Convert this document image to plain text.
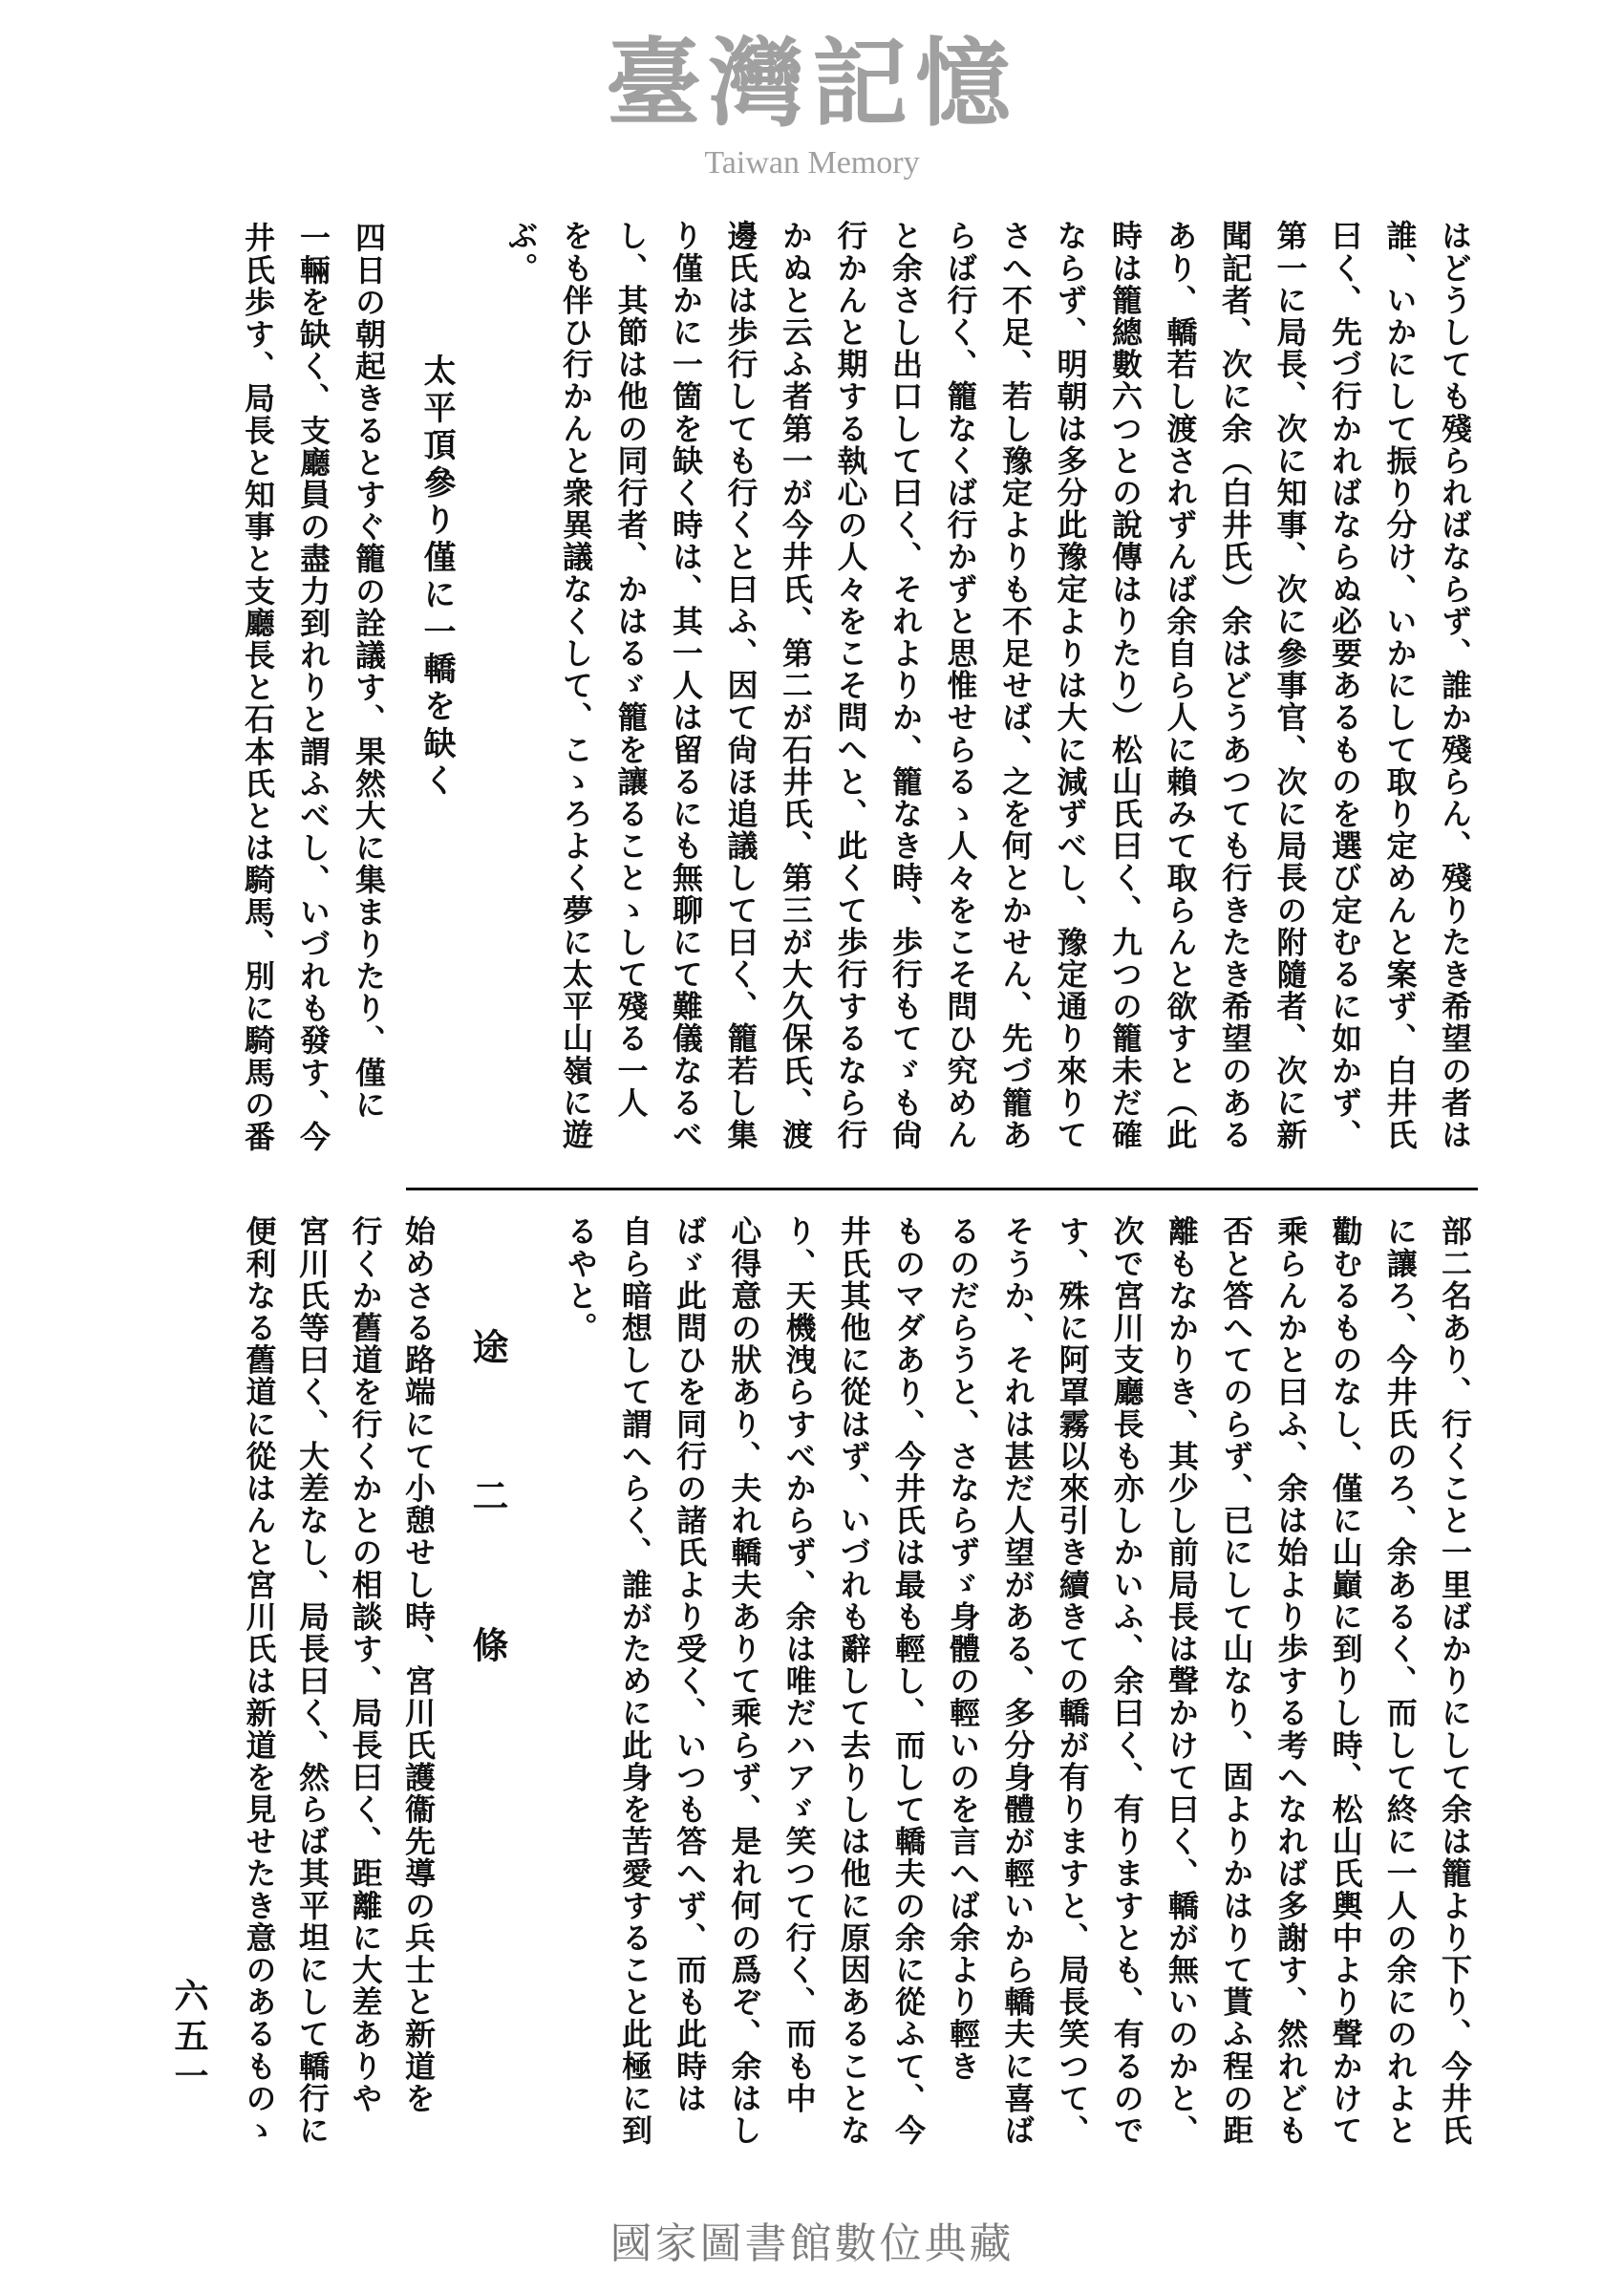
はどうしても殘らればならず、誰か殘らん、殘りたき希望の者は
誰、いかにして振り分け、いかにして取り定めんと案ず、白井氏
曰く、先づ行かればならぬ必要あるものを選び定むるに如かず、
第一に局長、次に知事、次に參事官、次に局長の附隨者、次に新
聞記者、次に余（白井氏）余はどうあつても行きたき希望のある
あり、轎若し渡されずんば余自ら人に賴みて取らんと欲すと（此
時は籠總數六つとの說傳はりたり）松山氏曰く、九つの籠未だ確
ならず、明朝は多分此豫定よりは大に減ずべし、豫定通り來りて
さへ不足、若し豫定よりも不足せば、之を何とかせん、先づ籠あ
らば行く、籠なくば行かずと思惟せらるゝ人々をこそ問ひ究めん
と余さし出口して曰く、それよりか、籠なき時、歩行もてゞも尙
行かんと期する執心の人々をこそ問へと、此くて歩行するなら行
かぬと云ふ者第一が今井氏、第二が石井氏、第三が大久保氏、渡
邊氏は歩行しても行くと曰ふ、因て尙ほ追議して曰く、籠若し集
り僅かに一箇を缺く時は、其一人は留るにも無聊にて難儀なるべ
し、其節は他の同行者、かはるゞ籠を讓ることゝして殘る一人
をも伴ひ行かんと衆異議なくして、こゝろよく夢に太平山嶺に遊
ぶ。
太平頂參り僅に一轎を缺く
四日の朝起きるとすぐ籠の詮議す、果然大に集まりたり、僅に
一輛を缺く、支廳員の盡力到れりと謂ふべし、いづれも發す、今
井氏歩す、局長と知事と支廳長と石本氏とは騎馬、別に騎馬の番
部二名あり、行くこと一里ばかりにして余は籠より下り、今井氏
に讓ろ、今井氏のろ、余あるく、而して終に一人の余にのれよと
勸むるものなし、僅に山巓に到りし時、松山氏輿中より聲かけて
乘らんかと曰ふ、余は始より歩する考へなれば多謝す、然れども
否と答へてのらず、已にして山なり、固よりかはりて貰ふ程の距
離もなかりき、其少し前局長は聲かけて曰く、轎が無いのかと、
次で宮川支廳長も亦しかいふ、余曰く、有りますとも、有るので
す、殊に阿罩霧以來引き續きての轎が有りますと、局長笑つて、
そうか、それは甚だ人望がある、多分身體が輕いから轎夫に喜ば
るのだらうと、さならずゞ身體の輕いのを言へば余より輕き
ものマダあり、今井氏は最も輕し、而して轎夫の余に從ふて、今
井氏其他に從はず、いづれも辭して去りしは他に原因あることな
り、天機洩らすべからず、余は唯だハアゞ笑つて行く、而も中
心得意の狀あり、夫れ轎夫ありて乘らず、是れ何の爲ぞ、余はし
ばゞ此問ひを同行の諸氏より受く、いつも答へず、而も此時は
自ら暗想して謂へらく、誰がために此身を苦愛すること此極に到
るやと。
途二條
始めさる路端にて小憩せし時、宮川氏護衞先導の兵士と新道を
行くか舊道を行くかとの相談す、局長曰く、距離に大差ありや
宮川氏等曰く、大差なし、局長曰く、然らば其平坦にして轎行に
便利なる舊道に從はんと宮川氏は新道を見せたき意のあるものゝ
臺灣記憶
Taiwan Memory
六五一
國家圖書館數位典藏
